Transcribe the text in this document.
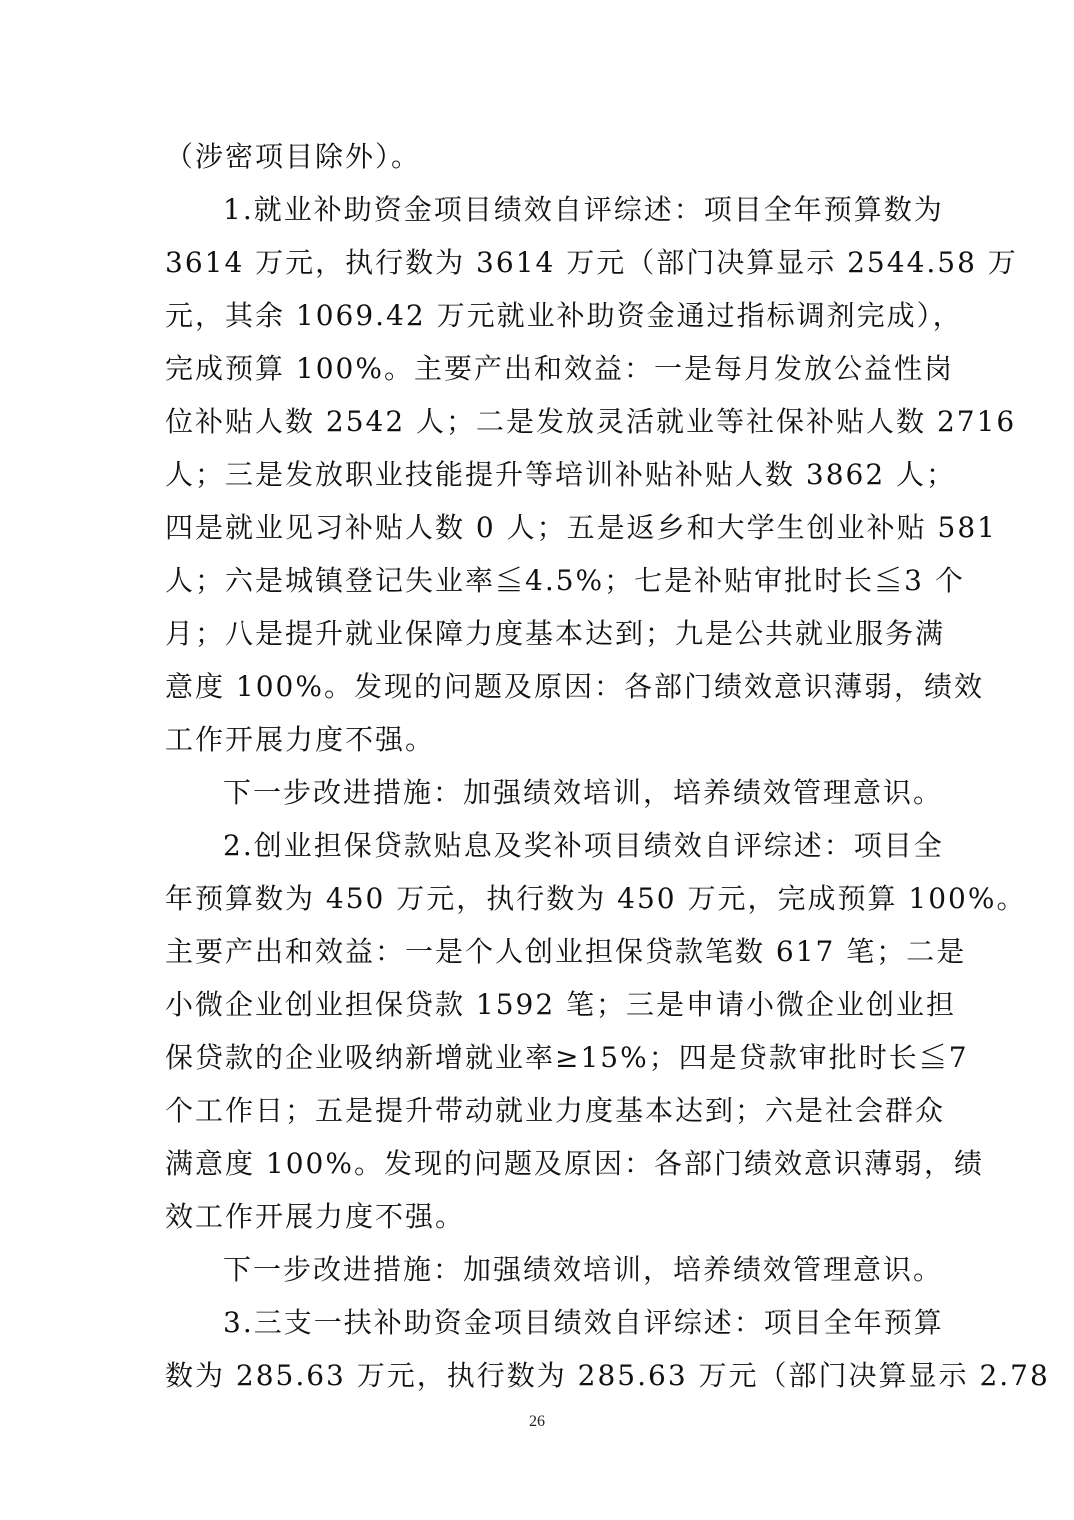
（涉密项目除外）。
1.就业补助资金项目绩效自评综述：项目全年预算数为
3614 万元，执行数为 3614 万元（部门决算显示 2544.58 万
元，其余 1069.42 万元就业补助资金通过指标调剂完成），
完成预算 100%。主要产出和效益：一是每月发放公益性岗
位补贴人数 2542 人；二是发放灵活就业等社保补贴人数 2716
人；三是发放职业技能提升等培训补贴补贴人数 3862 人；
四是就业见习补贴人数 0 人；五是返乡和大学生创业补贴 581
人；六是城镇登记失业率≦4.5%；七是补贴审批时长≦3 个
月；八是提升就业保障力度基本达到；九是公共就业服务满
意度 100%。发现的问题及原因：各部门绩效意识薄弱，绩效
工作开展力度不强。
下一步改进措施：加强绩效培训，培养绩效管理意识。
2.创业担保贷款贴息及奖补项目绩效自评综述：项目全
年预算数为 450 万元，执行数为 450 万元，完成预算 100%。
主要产出和效益：一是个人创业担保贷款笔数 617 笔；二是
小微企业创业担保贷款 1592 笔；三是申请小微企业创业担
保贷款的企业吸纳新增就业率≥15%；四是贷款审批时长≦7
个工作日；五是提升带动就业力度基本达到；六是社会群众
满意度 100%。发现的问题及原因：各部门绩效意识薄弱，绩
效工作开展力度不强。
下一步改进措施：加强绩效培训，培养绩效管理意识。
3.三支一扶补助资金项目绩效自评综述：项目全年预算
数为 285.63 万元，执行数为 285.63 万元（部门决算显示 2.78
26
